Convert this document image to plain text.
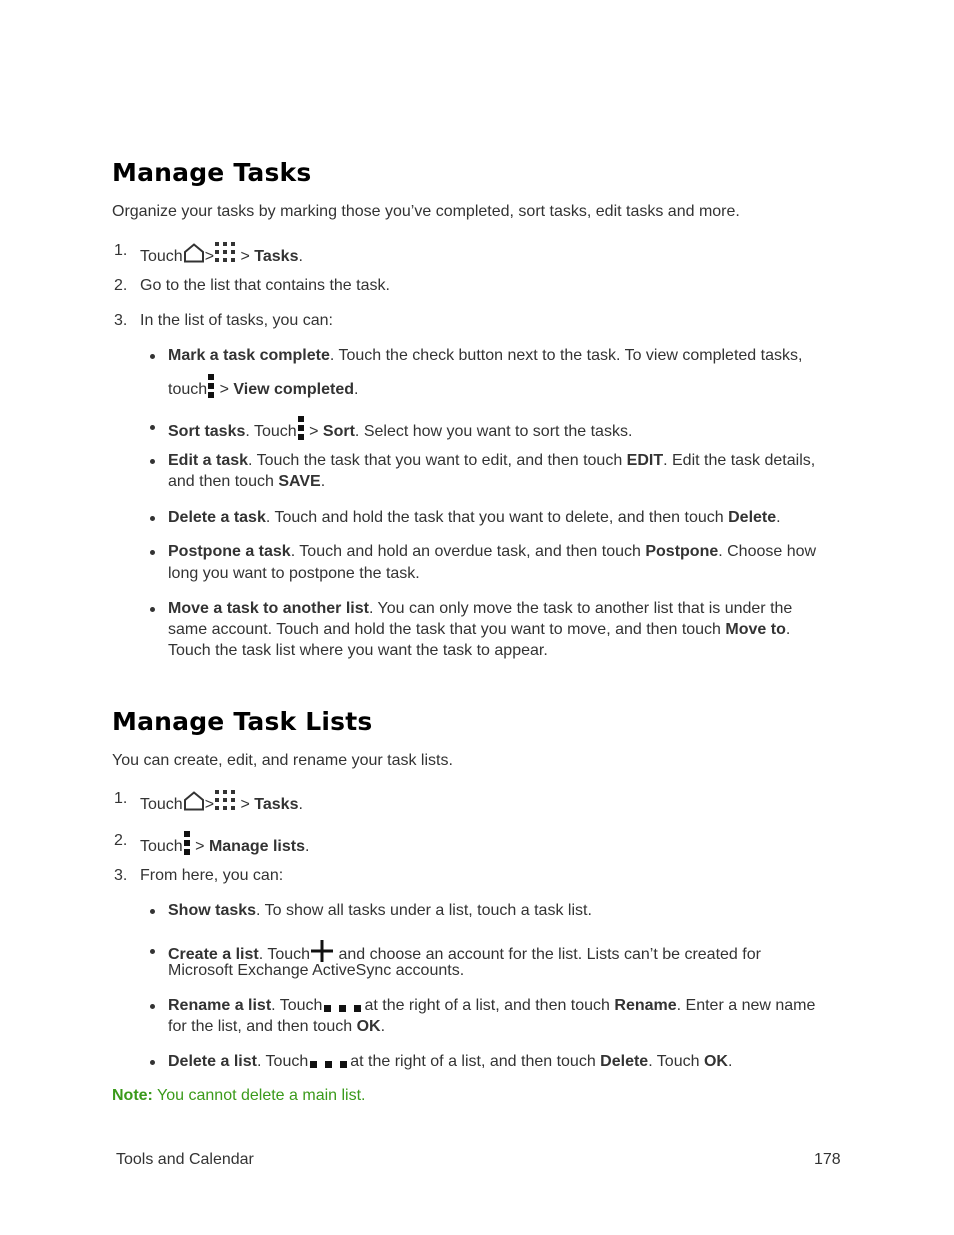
Manage Tasks

Organize your tasks by marking those you’ve completed, sort tasks, edit tasks and more.

1. Touch > > Tasks.

2. Go to the list that contains the task.

3. In the list of tasks, you can:

Mark a task complete. Touch the check button next to the task. To view completed tasks,

touch > View completed.

Sort tasks. Touch > Sort. Select how you want to sort the tasks.

Edit a task. Touch the task that you want to edit, and then touch EDIT. Edit the task details,

and then touch SAVE.

Delete a task. Touch and hold the task that you want to delete, and then touch Delete.

Postpone a task. Touch and hold an overdue task, and then touch Postpone. Choose how

long you want to postpone the task.

Move a task to another list. You can only move the task to another list that is under the

same account. Touch and hold the task that you want to move, and then touch Move to.

Touch the task list where you want the task to appear.

Manage Task Lists

You can create, edit, and rename your task lists.

1. Touch > > Tasks.

2. Touch > Manage lists.

3. From here, you can:

Show tasks. To show all tasks under a list, touch a task list.

Create a list. Touch and choose an account for the list. Lists can’t be created for

Microsoft Exchange ActiveSync accounts.

Rename a list. Touch	at the right of a list, and then touch Rename. Enter a new name

for the list, and then touch OK.

Delete a list. Touch	at the right of a list, and then touch Delete. Touch OK.

Note: You cannot delete a main list.

Tools and Calendar	178
